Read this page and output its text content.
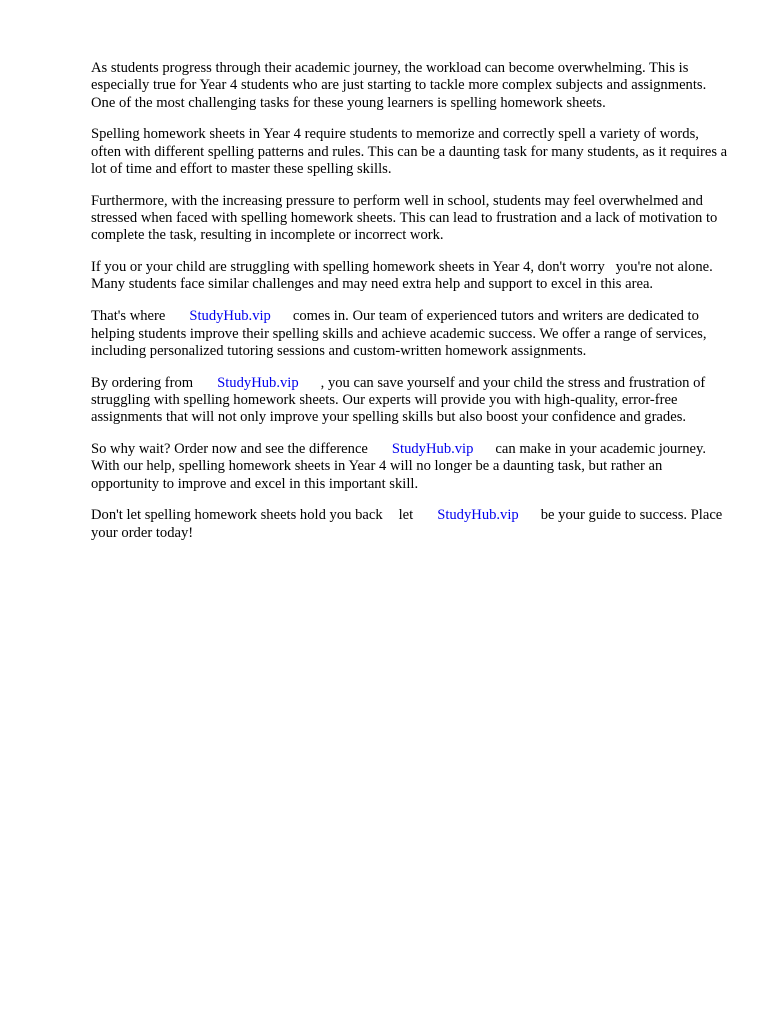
As students progress through their academic journey, the workload can become overwhelming. This is especially true for Year 4 students who are just starting to tackle more complex subjects and assignments. One of the most challenging tasks for these young learners is spelling homework sheets.

Spelling homework sheets in Year 4 require students to memorize and correctly spell a variety of words, often with different spelling patterns and rules. This can be a daunting task for many students, as it requires a lot of time and effort to master these spelling skills.

Furthermore, with the increasing pressure to perform well in school, students may feel overwhelmed and stressed when faced with spelling homework sheets. This can lead to frustration and a lack of motivation to complete the task, resulting in incomplete or incorrect work.

If you or your child are struggling with spelling homework sheets in Year 4, don't worry   you're not alone. Many students face similar challenges and may need extra help and support to excel in this area.

That's where StudyHub.vip comes in. Our team of experienced tutors and writers are dedicated to helping students improve their spelling skills and achieve academic success. We offer a range of services, including personalized tutoring sessions and custom-written homework assignments.

By ordering from StudyHub.vip , you can save yourself and your child the stress and frustration of struggling with spelling homework sheets. Our experts will provide you with high-quality, error-free assignments that will not only improve your spelling skills but also boost your confidence and grades.

So why wait? Order now and see the difference StudyHub.vip can make in your academic journey. With our help, spelling homework sheets in Year 4 will no longer be a daunting task, but rather an opportunity to improve and excel in this important skill.

Don't let spelling homework sheets hold you back let StudyHub.vip be your guide to success. Place your order today!
